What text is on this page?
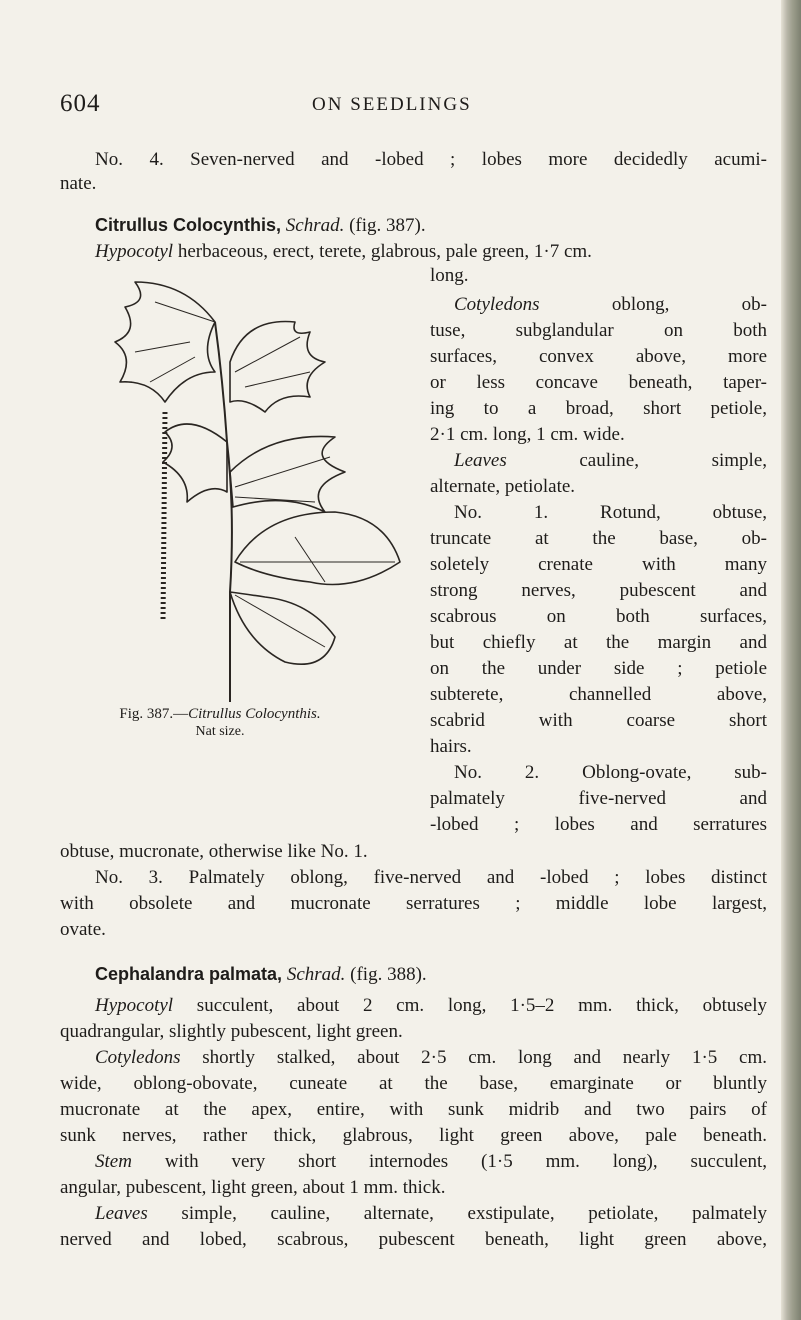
604	ON SEEDLINGS

No. 4. Seven-nerved and -lobed ; lobes more decidedly acumi-

nate.

Citrullus Colocynthis, Schrad. (fig. 387).

Hypocotyl herbaceous, erect, terete, glabrous, pale green, 1·7 cm.

long.

Cotyledons	oblong, ob-

tuse, subglandular on both

surfaces, convex above, more

or less concave beneath, taper-

ing to a broad, short petiole,

2·1 cm. long, 1 cm. wide.

Leaves	cauline, simple,

alternate, petiolate.

No. 1. Rotund, obtuse,

truncate at the base, ob-

soletely crenate with many

strong nerves, pubescent and

scabrous on both surfaces,

but chiefly at the margin and

on the under side ; petiole

subterete, channelled above,

scabrid with coarse short

hairs.

No. 2. Oblong-ovate, sub-

palmately five-nerved and

-lobed ; lobes and serratures

obtuse, mucronate, otherwise like No. 1.

No. 3. Palmately oblong, five-nerved and -lobed ; lobes distinct

with obsolete and mucronate serratures ; middle lobe largest,

ovate.

Cephalandra palmata, Schrad. (fig. 388).

Hypocotyl succulent, about 2 cm. long, 1·5–2 mm. thick, obtusely

quadrangular, slightly pubescent, light green.

Cotyledons shortly stalked, about 2·5 cm. long and nearly 1·5 cm.

wide, oblong-obovate, cuneate at the base, emarginate or bluntly

mucronate at the apex, entire, with sunk midrib and two pairs of

sunk nerves, rather thick, glabrous, light green above, pale beneath.

Stem with very short internodes (1·5 mm. long), succulent,

angular, pubescent, light green, about 1 mm. thick.

Leaves simple, cauline, alternate, exstipulate, petiolate, palmately

nerved and lobed, scabrous, pubescent beneath, light green above,

Fig. 387.—Citrullus Colocynthis.
Nat size.
